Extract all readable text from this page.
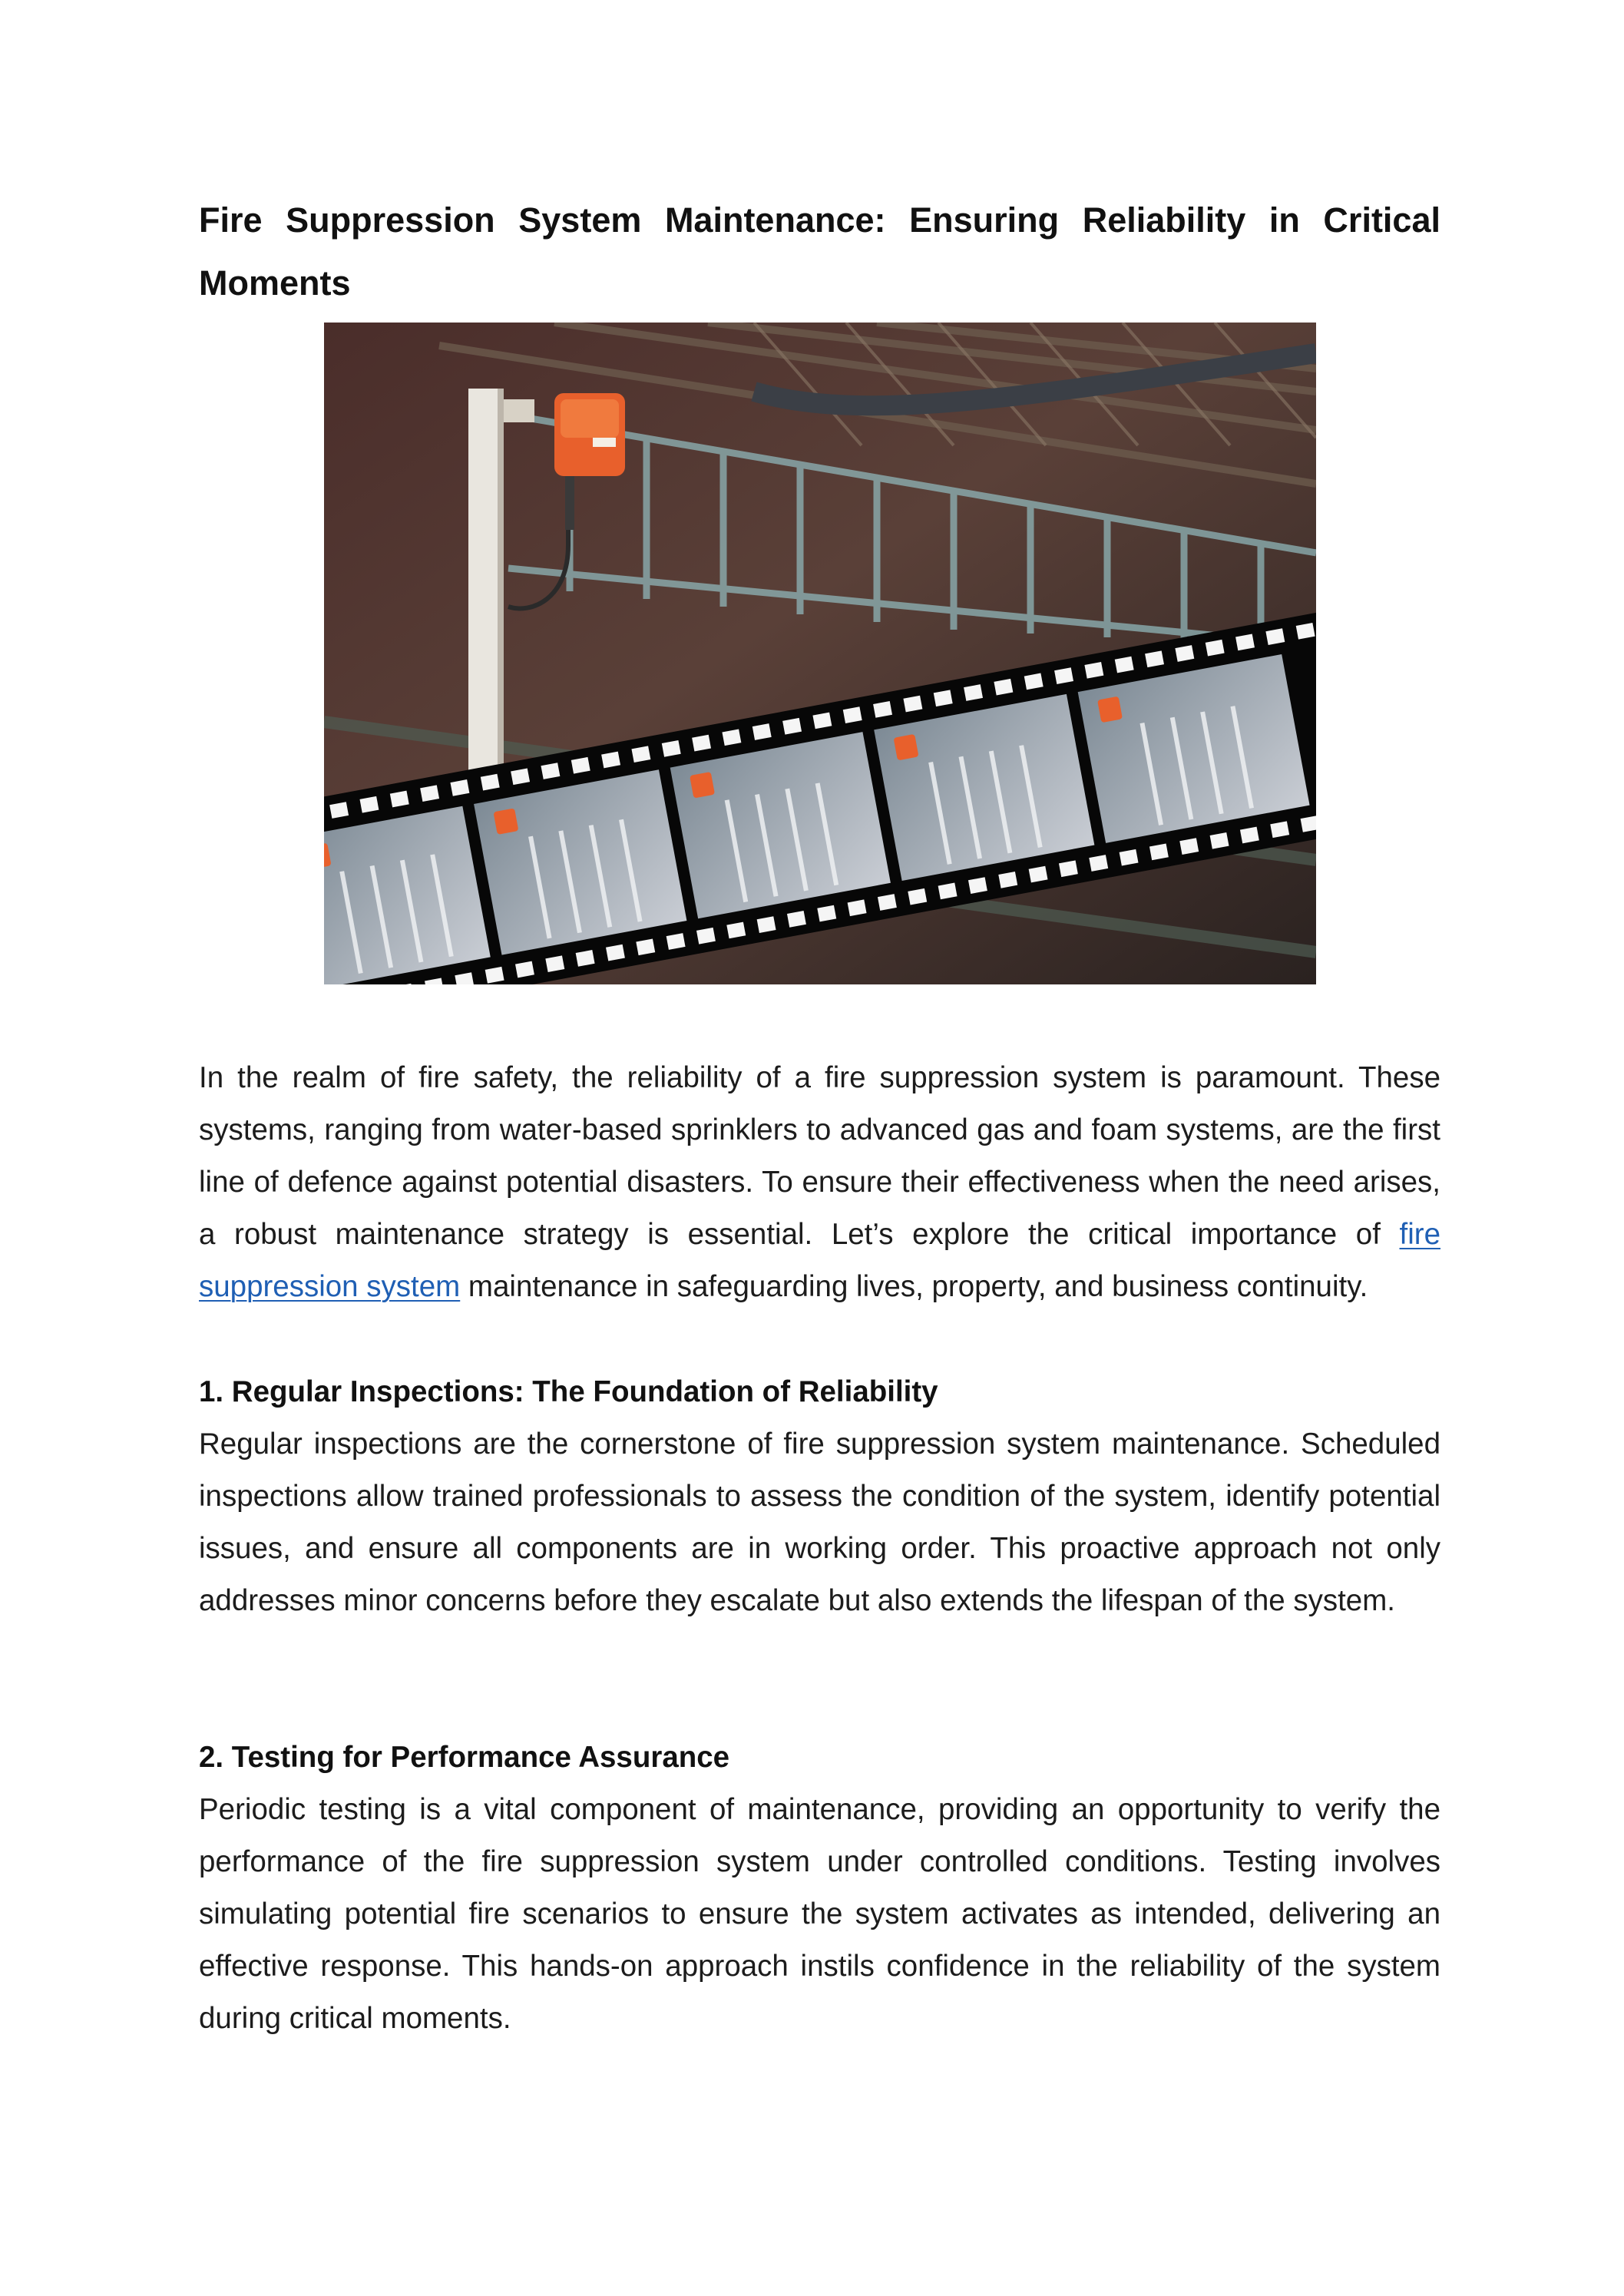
Fire Suppression System Maintenance: Ensuring Reliability in Critical Moments

In the realm of fire safety, the reliability of a fire suppression system is paramount. These systems, ranging from water-based sprinklers to advanced gas and foam systems, are the first line of defence against potential disasters. To ensure their effectiveness when the need arises, a robust maintenance strategy is essential. Let’s explore the critical importance of fire suppression system maintenance in safeguarding lives, property, and business continuity.

1. Regular Inspections: The Foundation of Reliability

Regular inspections are the cornerstone of fire suppression system maintenance. Scheduled inspections allow trained professionals to assess the condition of the system, identify potential issues, and ensure all components are in working order. This proactive approach not only addresses minor concerns before they escalate but also extends the lifespan of the system.

2. Testing for Performance Assurance

Periodic testing is a vital component of maintenance, providing an opportunity to verify the performance of the fire suppression system under controlled conditions. Testing involves simulating potential fire scenarios to ensure the system activates as intended, delivering an effective response. This hands-on approach instils confidence in the reliability of the system during critical moments.
